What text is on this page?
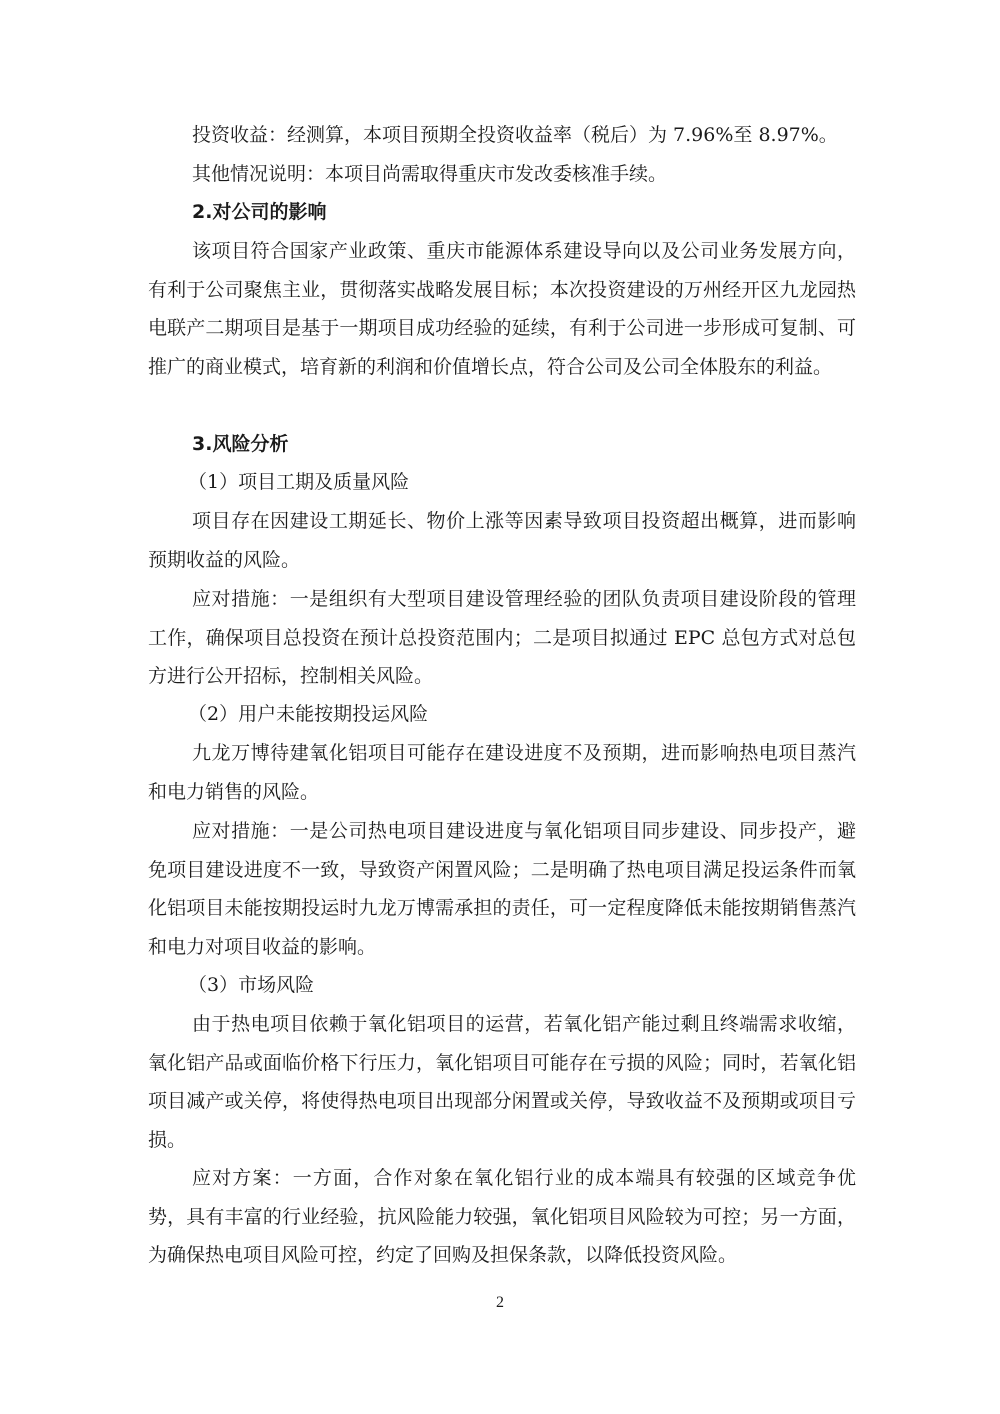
投资收益：经测算，本项目预期全投资收益率（税后）为 7.96%至 8.97%。

其他情况说明：本项目尚需取得重庆市发改委核准手续。

2.对公司的影响

该项目符合国家产业政策、重庆市能源体系建设导向以及公司业务发展方向，有利于公司聚焦主业，贯彻落实战略发展目标；本次投资建设的万州经开区九龙园热电联产二期项目是基于一期项目成功经验的延续，有利于公司进一步形成可复制、可推广的商业模式，培育新的利润和价值增长点，符合公司及公司全体股东的利益。

3.风险分析

（1）项目工期及质量风险

项目存在因建设工期延长、物价上涨等因素导致项目投资超出概算，进而影响预期收益的风险。

应对措施：一是组织有大型项目建设管理经验的团队负责项目建设阶段的管理工作，确保项目总投资在预计总投资范围内；二是项目拟通过 EPC 总包方式对总包方进行公开招标，控制相关风险。

（2）用户未能按期投运风险

九龙万博待建氧化铝项目可能存在建设进度不及预期，进而影响热电项目蒸汽和电力销售的风险。

应对措施：一是公司热电项目建设进度与氧化铝项目同步建设、同步投产，避免项目建设进度不一致，导致资产闲置风险；二是明确了热电项目满足投运条件而氧化铝项目未能按期投运时九龙万博需承担的责任，可一定程度降低未能按期销售蒸汽和电力对项目收益的影响。

（3）市场风险

由于热电项目依赖于氧化铝项目的运营，若氧化铝产能过剩且终端需求收缩，氧化铝产品或面临价格下行压力，氧化铝项目可能存在亏损的风险；同时，若氧化铝项目减产或关停，将使得热电项目出现部分闲置或关停，导致收益不及预期或项目亏损。

应对方案：一方面，合作对象在氧化铝行业的成本端具有较强的区域竞争优势，具有丰富的行业经验，抗风险能力较强，氧化铝项目风险较为可控；另一方面，为确保热电项目风险可控，约定了回购及担保条款，以降低投资风险。

2
